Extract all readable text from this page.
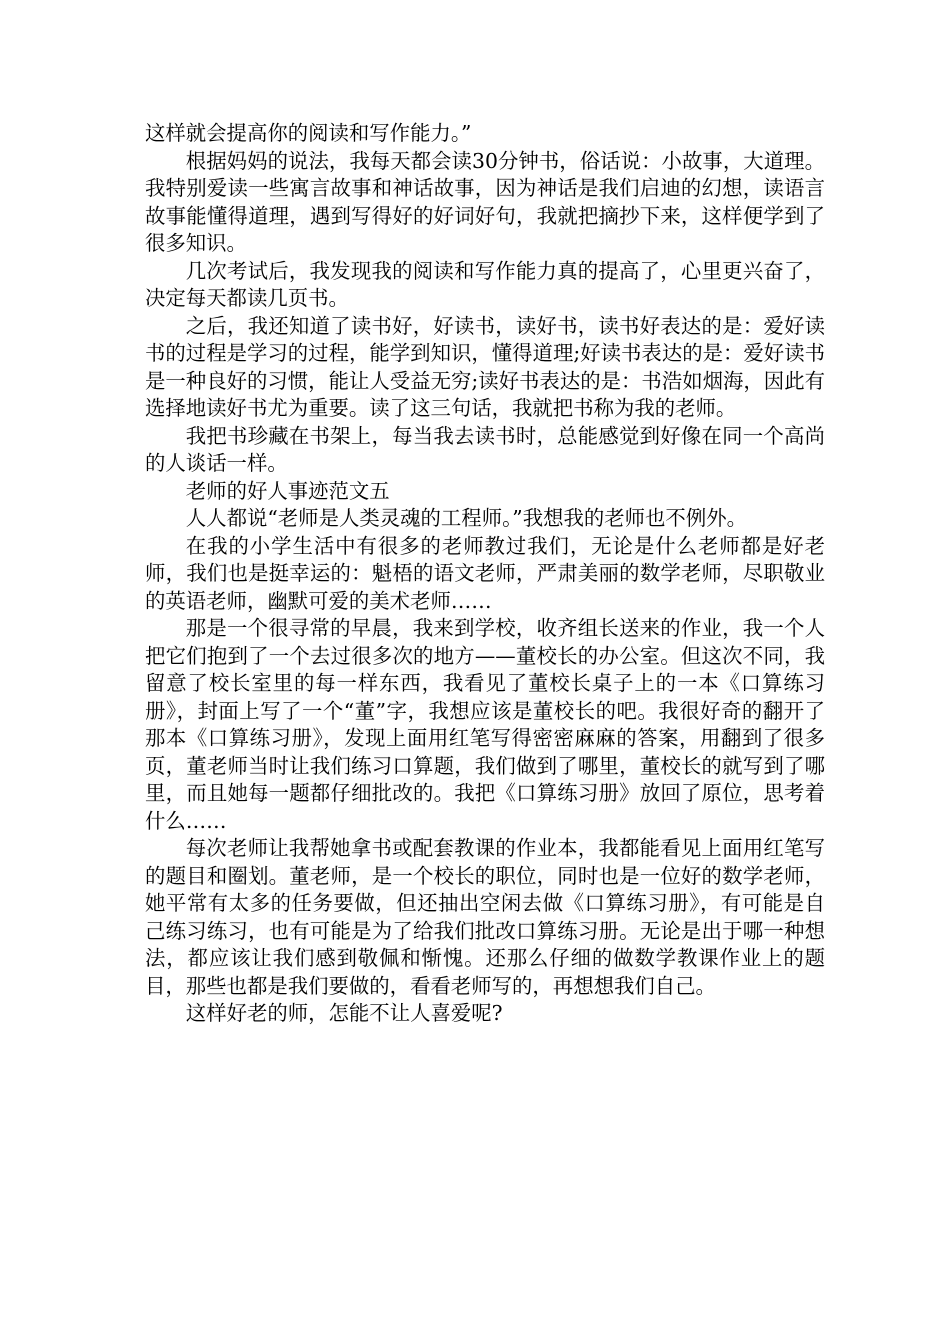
这样就会提高你的阅读和写作能力。”

根据妈妈的说法，我每天都会读30分钟书，俗话说：小故事，大道理。我特别爱读一些寓言故事和神话故事，因为神话是我们启迪的幻想，读语言故事能懂得道理，遇到写得好的好词好句，我就把摘抄下来，这样便学到了很多知识。

几次考试后，我发现我的阅读和写作能力真的提高了，心里更兴奋了，决定每天都读几页书。

之后，我还知道了读书好，好读书，读好书，读书好表达的是：爱好读书的过程是学习的过程，能学到知识，懂得道理;好读书表达的是：爱好读书是一种良好的习惯，能让人受益无穷;读好书表达的是：书浩如烟海，因此有选择地读好书尤为重要。读了这三句话，我就把书称为我的老师。

我把书珍藏在书架上，每当我去读书时，总能感觉到好像在同一个高尚的人谈话一样。

老师的好人事迹范文五

人人都说“老师是人类灵魂的工程师。”我想我的老师也不例外。

在我的小学生活中有很多的老师教过我们，无论是什么老师都是好老师，我们也是挺幸运的：魁梧的语文老师，严肃美丽的数学老师，尽职敬业的英语老师，幽默可爱的美术老师……

那是一个很寻常的早晨，我来到学校，收齐组长送来的作业，我一个人把它们抱到了一个去过很多次的地方——董校长的办公室。但这次不同，我留意了校长室里的每一样东西，我看见了董校长桌子上的一本《口算练习册》，封面上写了一个“董”字，我想应该是董校长的吧。我很好奇的翻开了那本《口算练习册》，发现上面用红笔写得密密麻麻的答案，用翻到了很多页，董老师当时让我们练习口算题，我们做到了哪里，董校长的就写到了哪里，而且她每一题都仔细批改的。我把《口算练习册》放回了原位，思考着什么……

每次老师让我帮她拿书或配套教课的作业本，我都能看见上面用红笔写的题目和圈划。董老师，是一个校长的职位，同时也是一位好的数学老师，她平常有太多的任务要做，但还抽出空闲去做《口算练习册》，有可能是自己练习练习，也有可能是为了给我们批改口算练习册。无论是出于哪一种想法，都应该让我们感到敬佩和惭愧。还那么仔细的做数学教课作业上的题目，那些也都是我们要做的，看看老师写的，再想想我们自己。

这样好老的师，怎能不让人喜爱呢?
